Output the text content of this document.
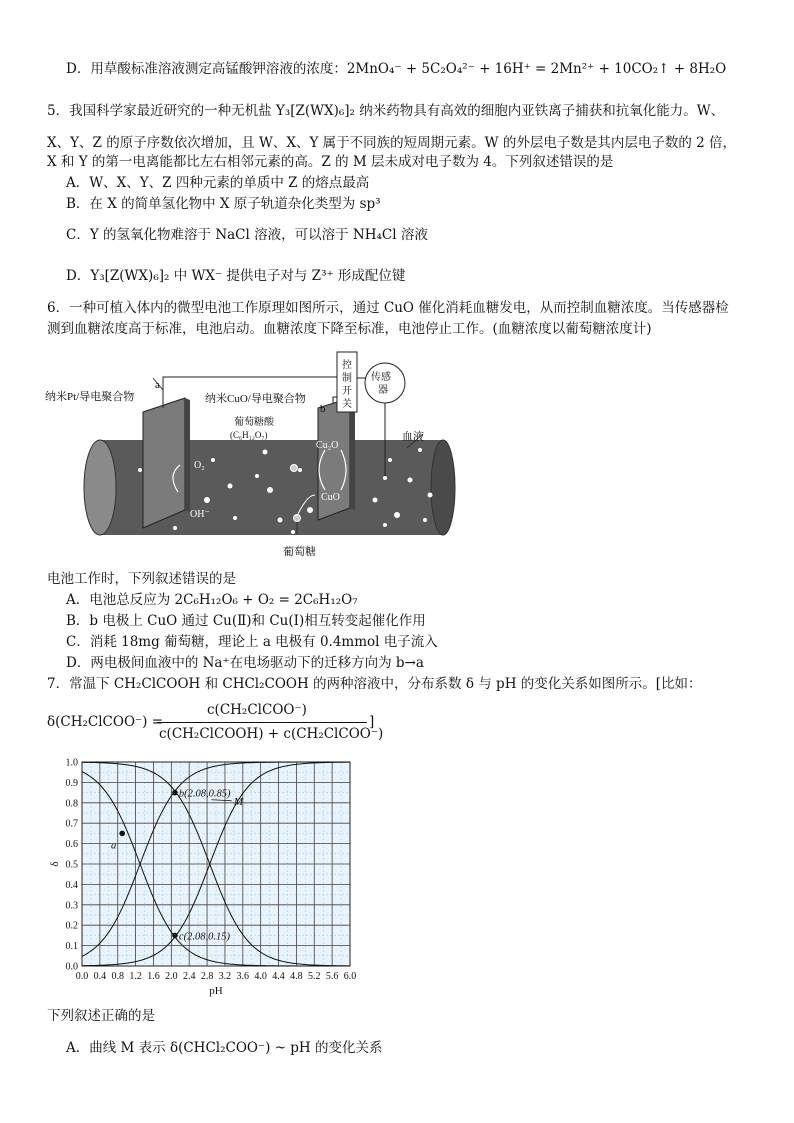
D．用草酸标准溶液测定高锰酸钾溶液的浓度：2MnO₄⁻ + 5C₂O₄²⁻ + 16H⁺ = 2Mn²⁺ + 10CO₂↑ + 8H₂O
5．我国科学家最近研究的一种无机盐 Y₃[Z(WX)₆]₂ 纳米药物具有高效的细胞内亚铁离子捕获和抗氧化能力。W、
X、Y、Z 的原子序数依次增加，且 W、X、Y 属于不同族的短周期元素。W 的外层电子数是其内层电子数的 2 倍，
X 和 Y 的第一电离能都比左右相邻元素的高。Z 的 M 层未成对电子数为 4。下列叙述错误的是
A．W、X、Y、Z 四种元素的单质中 Z 的熔点最高
B．在 X 的简单氢化物中 X 原子轨道杂化类型为 sp³
C．Y 的氢氧化物难溶于 NaCl 溶液，可以溶于 NH₄Cl 溶液
D．Y₃[Z(WX)₆]₂ 中 WX⁻ 提供电子对与 Z³⁺ 形成配位键
6．一种可植入体内的微型电池工作原理如图所示，通过 CuO 催化消耗血糖发电，从而控制血糖浓度。当传感器检
测到血糖浓度高于标准，电池启动。血糖浓度下降至标准，电池停止工作。(血糖浓度以葡萄糖浓度计)
纳米Pt/导电聚合物
a
纳米CuO/导电聚合物
b
控
制
开
关
传感
器
葡萄糖酸
(C₆H₁₂O₇)
Cu₂O
CuO
O₂
OH⁻
血液
葡萄糖
电池工作时，下列叙述错误的是
A．电池总反应为 2C₆H₁₂O₆ + O₂ = 2C₆H₁₂O₇
B．b 电极上 CuO 通过 Cu(Ⅱ)和 Cu(Ⅰ)相互转变起催化作用
C．消耗 18mg 葡萄糖，理论上 a 电极有 0.4mmol 电子流入
D．两电极间血液中的 Na⁺在电场驱动下的迁移方向为 b→a
7．常温下 CH₂ClCOOH 和 CHCl₂COOH 的两种溶液中，分布系数 δ 与 pH 的变化关系如图所示。[比如：
δ(CH₂ClCOO⁻) =
c(CH₂ClCOO⁻)
c(CH₂ClCOOH) + c(CH₂ClCOO⁻)
]
0.0 0.4 0.8 1.2 1.6 2.0 2.4 2.8 3.2 3.6 4.0 4.4 4.8 5.2 5.6 6.0
0.0
0.1
0.2
0.3
0.4
0.5
0.6
0.7
0.8
0.9
1.0
pH
δ
a
b(2.08,0.85)
c(2.08,0.15)
M
下列叙述正确的是
A．曲线 M 表示 δ(CHCl₂COO⁻) ~ pH 的变化关系
